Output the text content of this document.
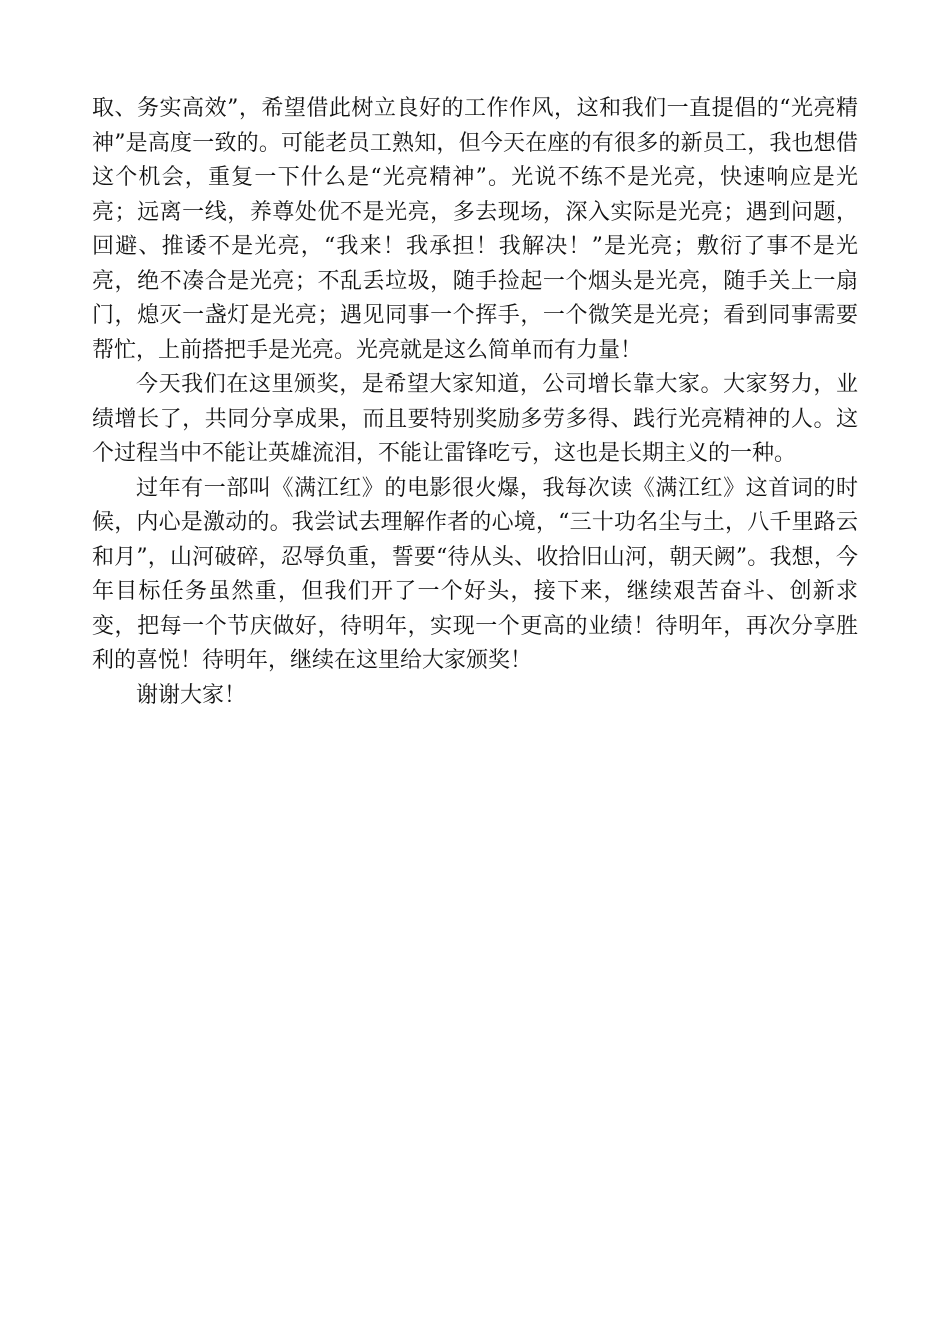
取、务实高效”，希望借此树立良好的工作作风，这和我们一直提倡的“光亮精神”是高度一致的。可能老员工熟知，但今天在座的有很多的新员工，我也想借这个机会，重复一下什么是“光亮精神”。光说不练不是光亮，快速响应是光亮；远离一线，养尊处优不是光亮，多去现场，深入实际是光亮；遇到问题，回避、推诿不是光亮，“我来！我承担！我解决！”是光亮；敷衍了事不是光亮，绝不凑合是光亮；不乱丢垃圾，随手捡起一个烟头是光亮，随手关上一扇门，熄灭一盏灯是光亮；遇见同事一个挥手，一个微笑是光亮；看到同事需要帮忙，上前搭把手是光亮。光亮就是这么简单而有力量！

今天我们在这里颁奖，是希望大家知道，公司增长靠大家。大家努力，业绩增长了，共同分享成果，而且要特别奖励多劳多得、践行光亮精神的人。这个过程当中不能让英雄流泪，不能让雷锋吃亏，这也是长期主义的一种。

过年有一部叫《满江红》的电影很火爆，我每次读《满江红》这首词的时候，内心是激动的。我尝试去理解作者的心境，“三十功名尘与土，八千里路云和月”，山河破碎，忍辱负重，誓要“待从头、收拾旧山河，朝天阙”。我想，今年目标任务虽然重，但我们开了一个好头，接下来，继续艰苦奋斗、创新求变，把每一个节庆做好，待明年，实现一个更高的业绩！待明年，再次分享胜利的喜悦！待明年，继续在这里给大家颁奖！

谢谢大家！
